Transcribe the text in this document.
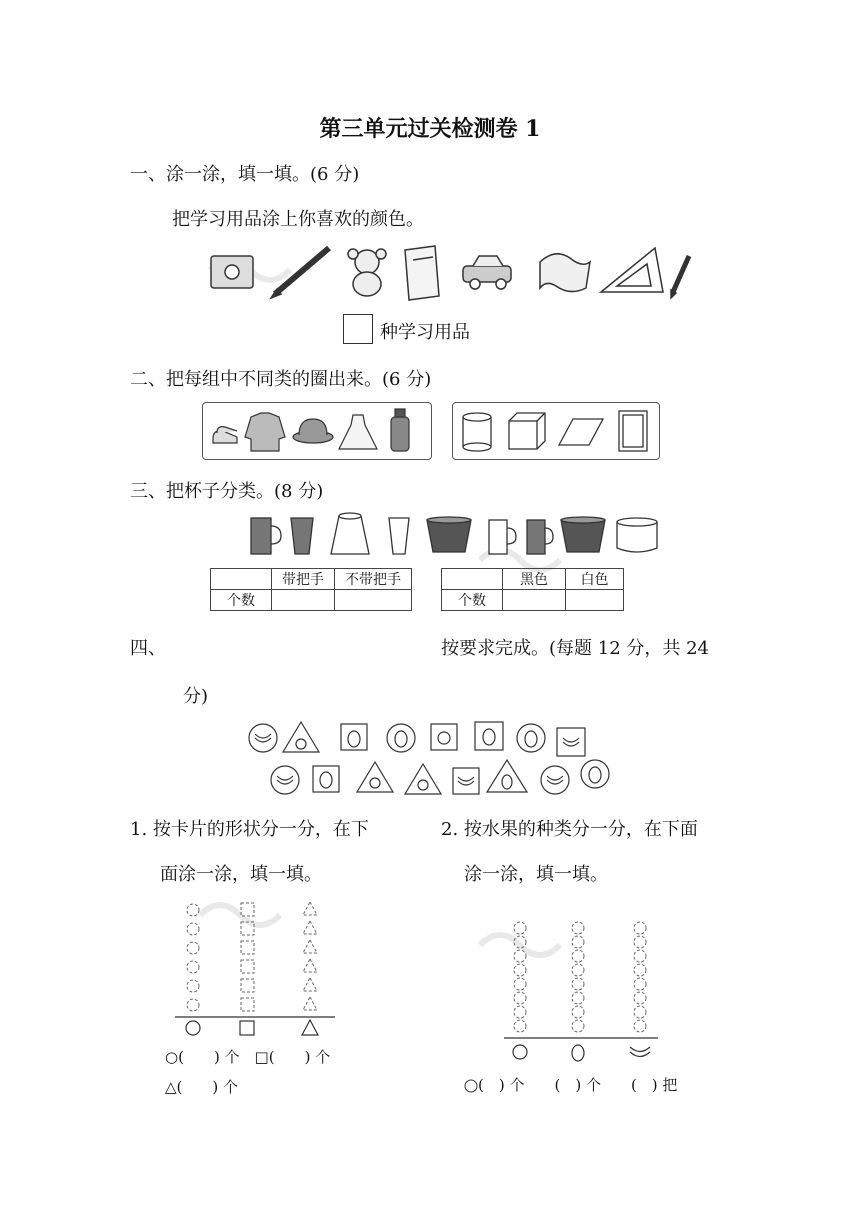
第三单元过关检测卷 1
一、涂一涂，填一填。(6 分)
把学习用品涂上你喜欢的颜色。
种学习用品
二、把每组中不同类的圈出来。(6 分)
三、把杯子分类。(8 分)
	带把手	不带把手
个数		
	黑色	白色
个数		
四、	按要求完成。(每题 12 分，共 24
分)
1. 按卡片的形状分一分，在下
面涂一涂，填一填。
2. 按水果的种类分一分，在下面
涂一涂，填一填。
○(　　) 个　□(　　) 个
△(　　) 个	(　) 个　　(　) 个　　(　) 把
